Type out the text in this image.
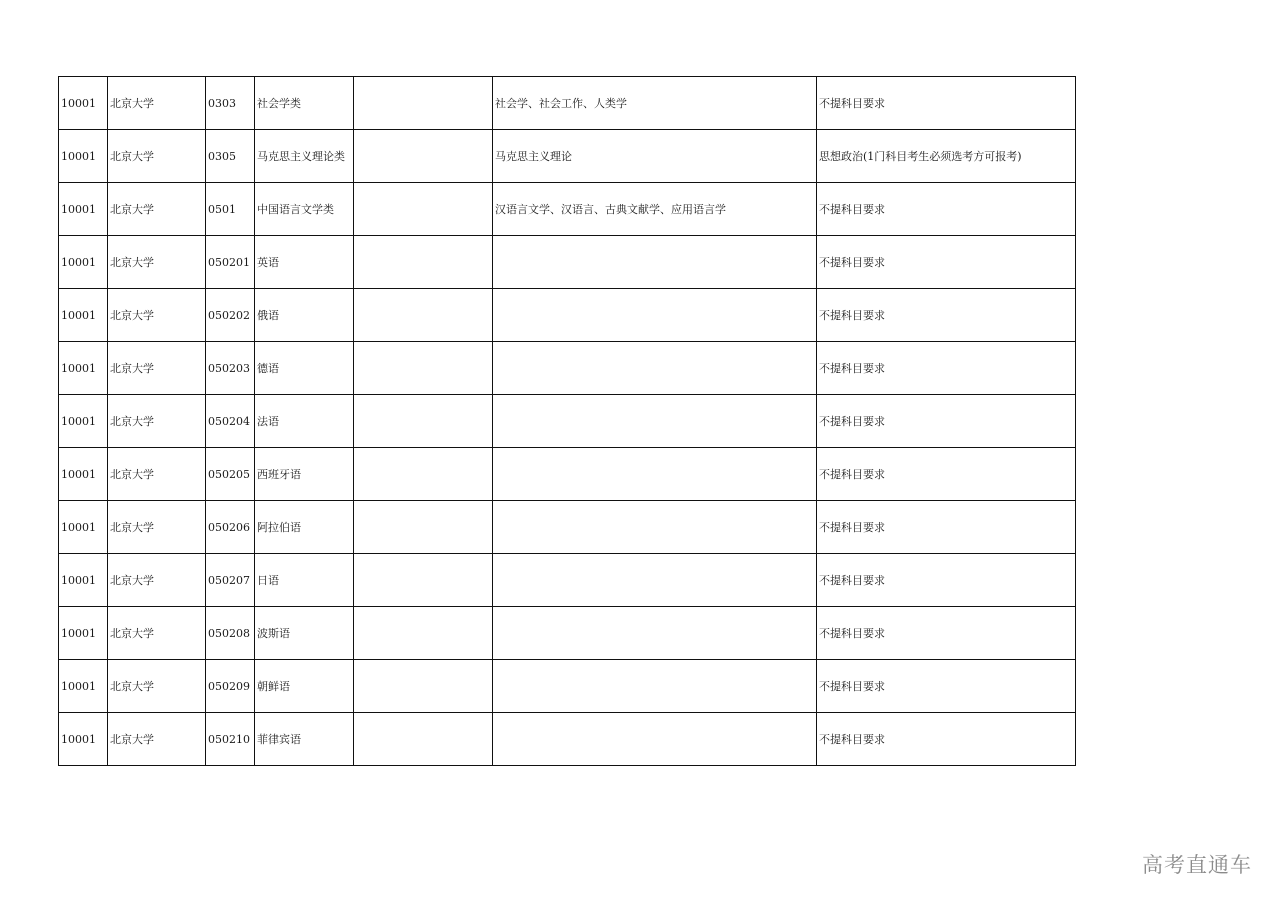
10001	北京大学	0303	社会学类		社会学、社会工作、人类学	不提科目要求
10001	北京大学	0305	马克思主义理论类		马克思主义理论	思想政治(1门科目考生必须选考方可报考)
10001	北京大学	0501	中国语言文学类		汉语言文学、汉语言、古典文献学、应用语言学	不提科目要求
10001	北京大学	050201	英语			不提科目要求
10001	北京大学	050202	俄语			不提科目要求
10001	北京大学	050203	德语			不提科目要求
10001	北京大学	050204	法语			不提科目要求
10001	北京大学	050205	西班牙语			不提科目要求
10001	北京大学	050206	阿拉伯语			不提科目要求
10001	北京大学	050207	日语			不提科目要求
10001	北京大学	050208	波斯语			不提科目要求
10001	北京大学	050209	朝鲜语			不提科目要求
10001	北京大学	050210	菲律宾语			不提科目要求
高考直通车
